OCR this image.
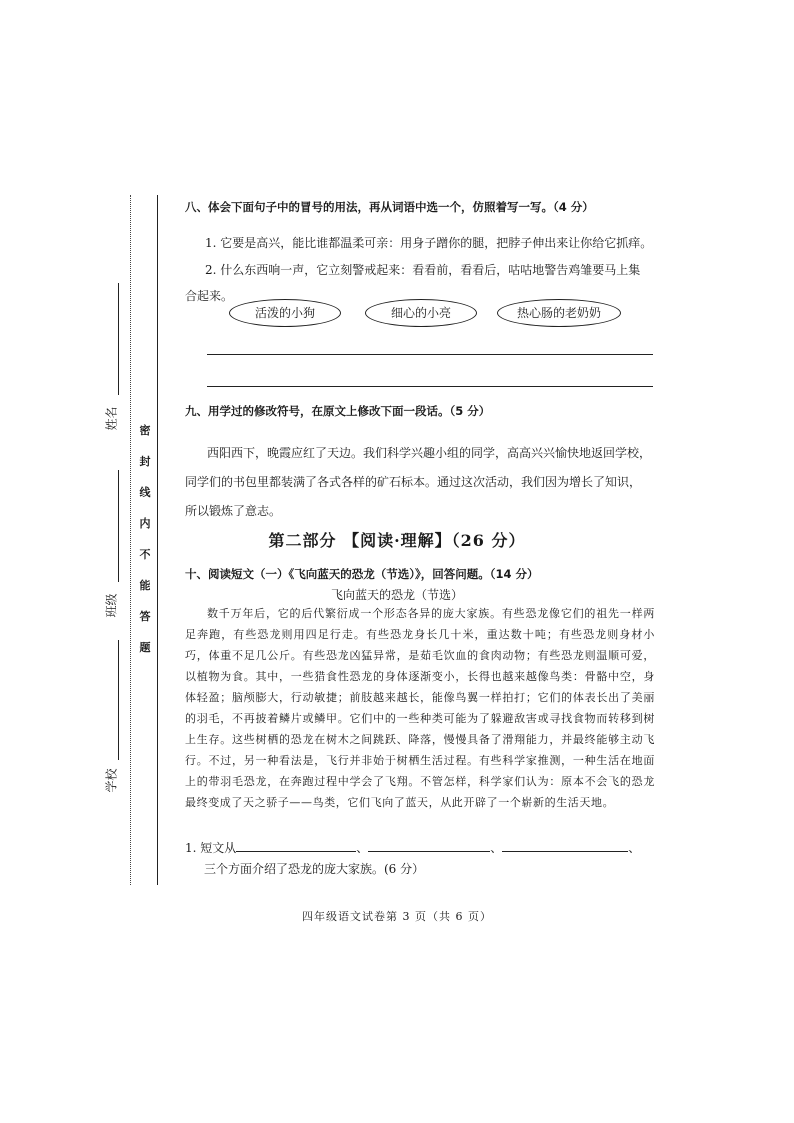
密
封
线
内
不
能
答
题
姓名
班级
学校
八、体会下面句子中的冒号的用法，再从词语中选一个，仿照着写一写。（4 分）
1. 它要是高兴，能比谁都温柔可亲：用身子蹭你的腿，把脖子伸出来让你给它抓痒。
2. 什么东西响一声，它立刻警戒起来：看看前，看看后，咕咕地警告鸡雏要马上集
合起来。
活泼的小狗	细心的小亮	热心肠的老奶奶
九、用学过的修改符号，在原文上修改下面一段话。（5 分）
西阳西下，晚霞应红了天边。我们科学兴趣小组的同学，高高兴兴愉快地返回学校，
同学们的书包里都装满了各式各样的矿石标本。通过这次活动，我们因为增长了知识，
所以锻炼了意志。
第二部分 【阅读·理解】（26 分）
十、阅读短文（一）《飞向蓝天的恐龙（节选）》，回答问题。（14 分）
飞向蓝天的恐龙（节选）

数千万年后，它的后代繁衍成一个形态各异的庞大家族。有些恐龙像它们的祖先一样两足奔跑，有些恐龙则用四足行走。有些恐龙身长几十米，重达数十吨；有些恐龙则身材小巧，体重不足几公斤。有些恐龙凶猛异常，是茹毛饮血的食肉动物；有些恐龙则温顺可爱，以植物为食。其中，一些猎食性恐龙的身体逐渐变小，长得也越来越像鸟类：骨骼中空，身体轻盈；脑颅膨大，行动敏捷；前肢越来越长，能像鸟翼一样拍打；它们的体表长出了美丽的羽毛，不再披着鳞片或鳞甲。它们中的一些种类可能为了躲避敌害或寻找食物而转移到树上生存。这些树栖的恐龙在树木之间跳跃、降落，慢慢具备了滑翔能力，并最终能够主动飞行。不过，另一种看法是，飞行并非始于树栖生活过程。有些科学家推测，一种生活在地面上的带羽毛恐龙，在奔跑过程中学会了飞翔。不管怎样，科学家们认为：原本不会飞的恐龙最终变成了天之骄子——鸟类，它们飞向了蓝天，从此开辟了一个崭新的生活天地。

1. 短文从	、	、	、
三个方面介绍了恐龙的庞大家族。(6 分）
四年级语文试卷第 3 页（共 6 页）
